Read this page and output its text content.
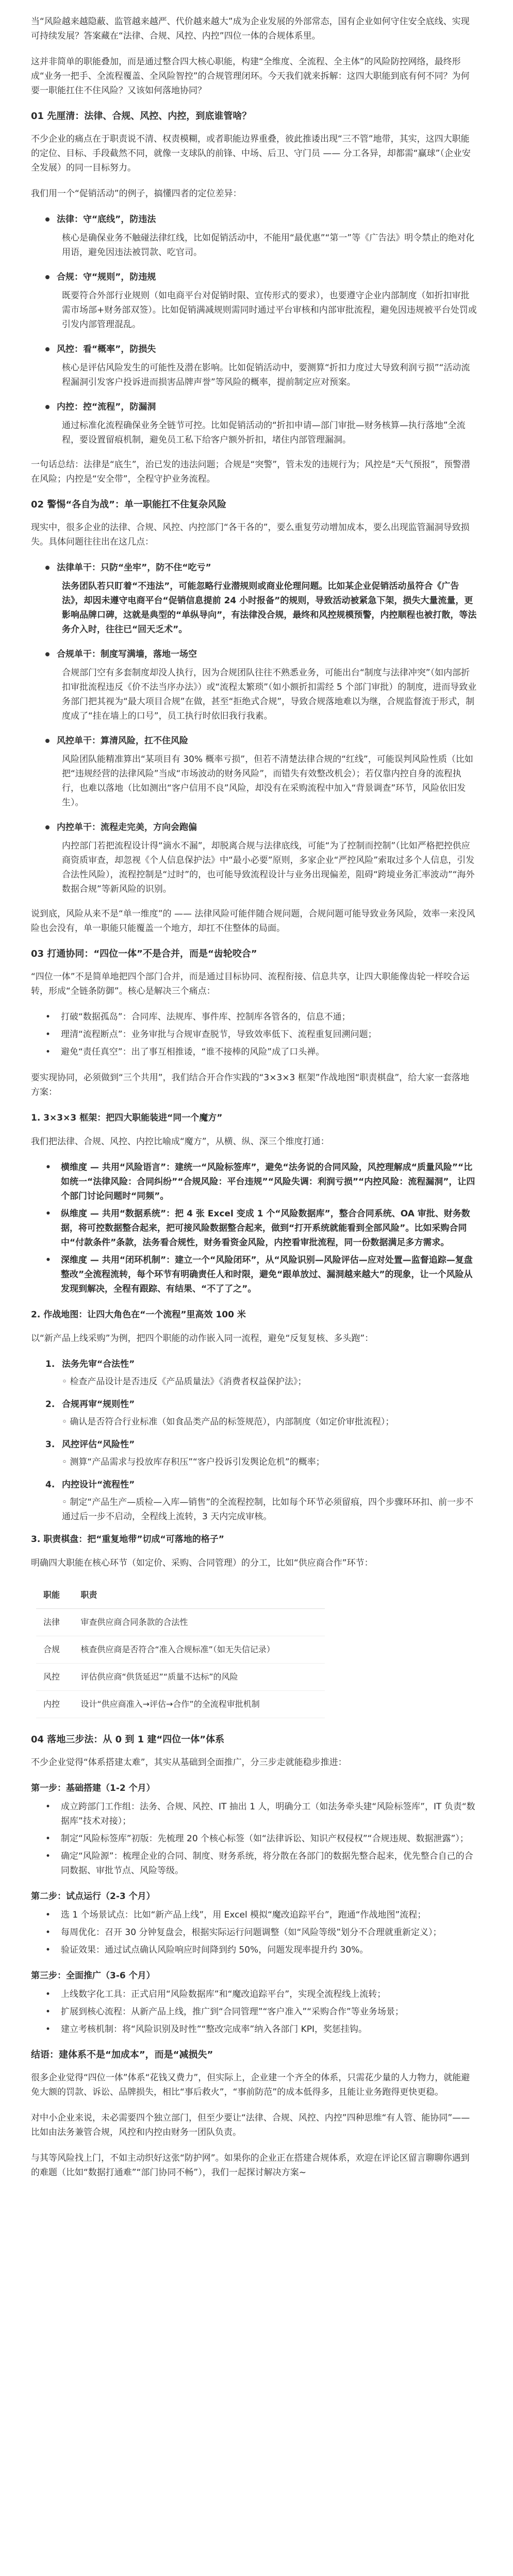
当“风险越来越隐蔽、监管越来越严、代价越来越大”成为企业发展的外部常态，国有企业如何守住安全底线、实现可持续发展？答案藏在“法律、合规、风控、内控”四位一体的合规体系里。

这并非简单的职能叠加，而是通过整合四大核心职能，构建“全维度、全流程、全主体”的风险防控网络，最终形成“业务一把手、全流程覆盖、全风险智控”的合规管理闭环。今天我们就来拆解：这四大职能到底有何不同？为何要一职能扛住不住风险？又该如何落地协同？

01 先厘清：法律、合规、风控、内控，到底谁管啥？

不少企业的痛点在于职责说不清、权责模糊，或者职能边界重叠，彼此推诿出现“三不管”地带，其实，这四大职能的定位、目标、手段截然不同，就像一支球队的前锋、中场、后卫、守门员 —— 分工各异，却都需“赢球”（企业安全发展）的同一目标努力。

我们用一个“促销活动”的例子，搞懂四者的定位差异：

法律：守“底线”，防违法
核心是确保业务不触碰法律红线，比如促销活动中，不能用“最优惠”“第一”等《广告法》明令禁止的绝对化用语，避免因违法被罚款、吃官司。
合规：守“规则”，防违规
既要符合外部行业规则（如电商平台对促销时限、宣传形式的要求），也要遵守企业内部制度（如折扣审批需市场部+财务部双签）。比如促销满减规则需同时通过平台审核和内部审批流程，避免因违规被平台处罚或引发内部管理混乱。
风控：看“概率”，防损失
核心是评估风险发生的可能性及潜在影响。比如促销活动中，要测算“折扣力度过大导致利润亏损”“活动流程漏洞引发客户投诉进而损害品牌声誉”等风险的概率，提前制定应对预案。
内控：控“流程”，防漏洞
通过标准化流程确保业务全链节可控。比如促销活动的“折扣申请—部门审批—财务核算—执行落地”全流程，要设置留痕机制，避免员工私下给客户额外折扣，堵住内部管理漏洞。

一句话总结：法律是“底生”，治已发的违法问题；合规是“突警”，管未发的违规行为；风控是“天气预报”，预警潜在风险；内控是“安全带”，全程守护业务流程。

02 警惕“各自为战”：单一职能扛不住复杂风险

现实中，很多企业的法律、合规、风控、内控部门“各干各的”，要么重复劳动增加成本，要么出现监管漏洞导致损失。具体问题往往出在这几点：

法律单干：只防“坐牢”，防不住“吃亏”
法务团队若只盯着“不违法”，可能忽略行业潜规则或商业伦理问题。比如某企业促销活动虽符合《广告法》，却因未遵守电商平台“促销信息提前 24 小时报备”的规则，导致活动被紧急下架，损失大量流量，更影响品牌口碑，这就是典型的“单纵导向”，有法律没合规，最终和风控规模预警，内控顺程也被打散，等法务介入时，往往已“回天乏术”。
合规单干：制度写满墙，落地一场空
合规部门空有多套制度却没人执行，因为合规团队往往不熟悉业务，可能出台“制度与法律冲突”（如内部折扣审批流程违反《价不法当序办法》）或“流程太繁琐”（如小额折扣需经 5 个部门审批）的制度，进而导致业务部门把其视为“最大项目合规”在做，甚至“拒绝式合规”，导致合规落地难以为继，合规监督流于形式，制度成了“挂在墙上的口号”，员工执行时依旧我行我素。
风控单干：算清风险，扛不住风险
风险团队能精准算出“某项目有 30% 概率亏损”，但若不清楚法律合规的“红线”，可能误判风险性质（比如把“违规经营的法律风险”当成“市场波动的财务风险”，而错失有效整改机会）；若仅靠内控自身的流程执行，也难以落地（比如测出“客户信用不良”风险，却没有在采购流程中加入“背景调查”环节，风险依旧发生）。
内控单干：流程走完美，方向会跑偏
内控部门若把流程设计得“滴水不漏”，却脱离合规与法律底线，可能“为了控制而控制”（比如严格把控供应商资质审查，却忽视《个人信息保护法》中“最小必要”原则，多家企业“严控风险”索取过多个人信息，引发合法性风险），流程控制是“过时”的，也可能导致流程设计与业务出现偏差，阻碍“跨境业务汇率波动”“海外数据合规”等新风险的识别。

说到底，风险从来不是“单一维度”的 —— 法律风险可能伴随合规问题，合规问题可能导致业务风险，效率一来没风险也会没有，单一职能只能覆盖一个地方，却扛不住整体的局面。

03 打通协同：“四位一体”不是合并，而是“齿轮咬合”

“四位一体”不是简单地把四个部门合并，而是通过目标协同、流程衔接、信息共享，让四大职能像齿轮一样咬合运转，形成“全链条防御”。核心是解决三个痛点：

•	打破“数据孤岛”：合同库、法规库、事件库、控制库各管各的，信息不通；
•	理清“流程断点”：业务审批与合规审查脱节，导致效率低下、流程重复回溯问题；
•	避免“责任真空”：出了事互相推诿，“谁不接棒的风险”成了口头禅。

要实现协同，必须做到“三个共用”，我们结合开合作实践的“3×3×3 框架”作战地图“职责棋盘”，给大家一套落地方案：

1. 3×3×3 框架：把四大职能装进“同一个魔方”

我们把法律、合规、风控、内控比喻成“魔方”，从横、纵、深三个维度打通：

•	横维度 — 共用“风险语言”：建统一“风险标签库”，避免“法务说的合同风险，风控理解成“质量风险”“比如统一“法律风险：合同纠纷”“合规风险：平台违规”“风险失调：利润亏损”“内控风险：流程漏洞”，让四个部门讨论问题时“同频”。
•	纵维度 — 共用“数据系统”：把 4 张 Excel 变成 1 个“风险数据库”，整合合同系统、OA 审批、财务数据，将可控数据整合起来，把可接风险数据整合起来，做到“打开系统就能看到全部风险”。比如采购合同中“付款条件”条款，法务看合规性，财务看资金风险，内控看审批流程，同一份数据满足多方需求。
•	深维度 — 共用“闭环机制”：建立一个“风险闭环”，从“风险识别—风险评估—应对处置—监督追踪—复盘整改”全流程流转，每个环节有明确责任人和时限，避免“跟单放过、漏洞越来越大”的现象，让一个风险从发现到解决，全程有跟踪、有结果、“不了了之”。
2. 作战地图：让四大角色在“一个流程”里高效 100 米

以“新产品上线采购”为例，把四个职能的动作嵌入同一流程，避免“反复复核、多头跑”：

1. 法务先审“合法性”
◦ 检查产品设计是否违反《产品质量法》《消费者权益保护法》；
2. 合规再审“规则性”
◦ 确认是否符合行业标准（如食品类产品的标签规范），内部制度（如定价审批流程）；
3. 风控评估“风险性”
◦ 测算“产品需求与投放库存积压”“客户投诉引发舆论危机”的概率；
4. 内控设计“流程性”
◦ 制定“产品生产—质检—入库—销售”的全流程控制，比如每个环节必须留痕，四个步骤环环扣、前一步不通过后一步不启动，全程线上流转，3 天内完成审核。
3. 职责棋盘：把“重复地带”切成“可落地的格子”

明确四大职能在核心环节（如定价、采购、合同管理）的分工，比如“供应商合作”环节：

职能	职责
法律	审查供应商合同条款的合法性
合规	核查供应商是否符合“准入合规标准”（如无失信记录）
风控	评估供应商“供货延迟”“质量不达标”的风险
内控	设计“供应商准入→评估→合作”的全流程审批机制
04 落地三步法：从 0 到 1 建“四位一体”体系

不少企业觉得“体系搭建太难”，其实从基础到全面推广，分三步走就能稳步推进：

第一步：基础搭建（1-2 个月）
•	成立跨部门工作组：法务、合规、风控、IT 抽出 1 人，明确分工（如法务牵头建“风险标签库”，IT 负责“数据库”技术对接）；
•	制定“风险标签库”初版：先梳理 20 个核心标签（如“法律诉讼、知识产权侵权”“合规违规、数据泄露”）；
•	确定“风险源”：梳理企业的合同、制度、财务系统，将分散在各部门的数据先整合起来，优先整合自己的合同数据、审批节点、风险等级。
第二步：试点运行（2-3 个月）
•	选 1 个场景试点：比如“新产品上线”，用 Excel 模拟“魔改追踪平台”，跑通“作战地图”流程；
•	每周优化：召开 30 分钟复盘会，根据实际运行问题调整（如“风险等级”划分不合理就重新定义）；
•	验证效果：通过试点确认风险响应时间降到约 50%，问题发现率提升约 30%。
第三步：全面推广（3-6 个月）
•	上线数字化工具：正式启用“风险数据库”和“魔改追踪平台”，实现全流程线上流转；
•	扩展到核心流程：从新产品上线，推广到“合同管理”“客户准入”“采购合作”等业务场景；
•	建立考核机制：将“风险识别及时性”“整改完成率”纳入各部门 KPI，奖惩挂钩。
结语：建体系不是“加成本”，而是“减损失”

很多企业觉得“四位一体”体系“花钱又费力”，但实际上，企业建一个齐全的体系，只需花少量的人力物力，就能避免大额的罚款、诉讼、品牌损失，相比“事后救火”，“事前防范”的成本低得多，且能让业务跑得更快更稳。

对中小企业来说，未必需要四个独立部门，但至少要让“法律、合规、风控、内控”四种思维“有人管、能协同”—— 比如由法务兼管合规，风控和内控由财务一团队负责。

与其等风险找上门，不如主动织好这张“防护网”。如果你的企业正在搭建合规体系，欢迎在评论区留言聊聊你遇到的难题（比如“数据打通难”“部门协同不畅”），我们一起探讨解决方案~
